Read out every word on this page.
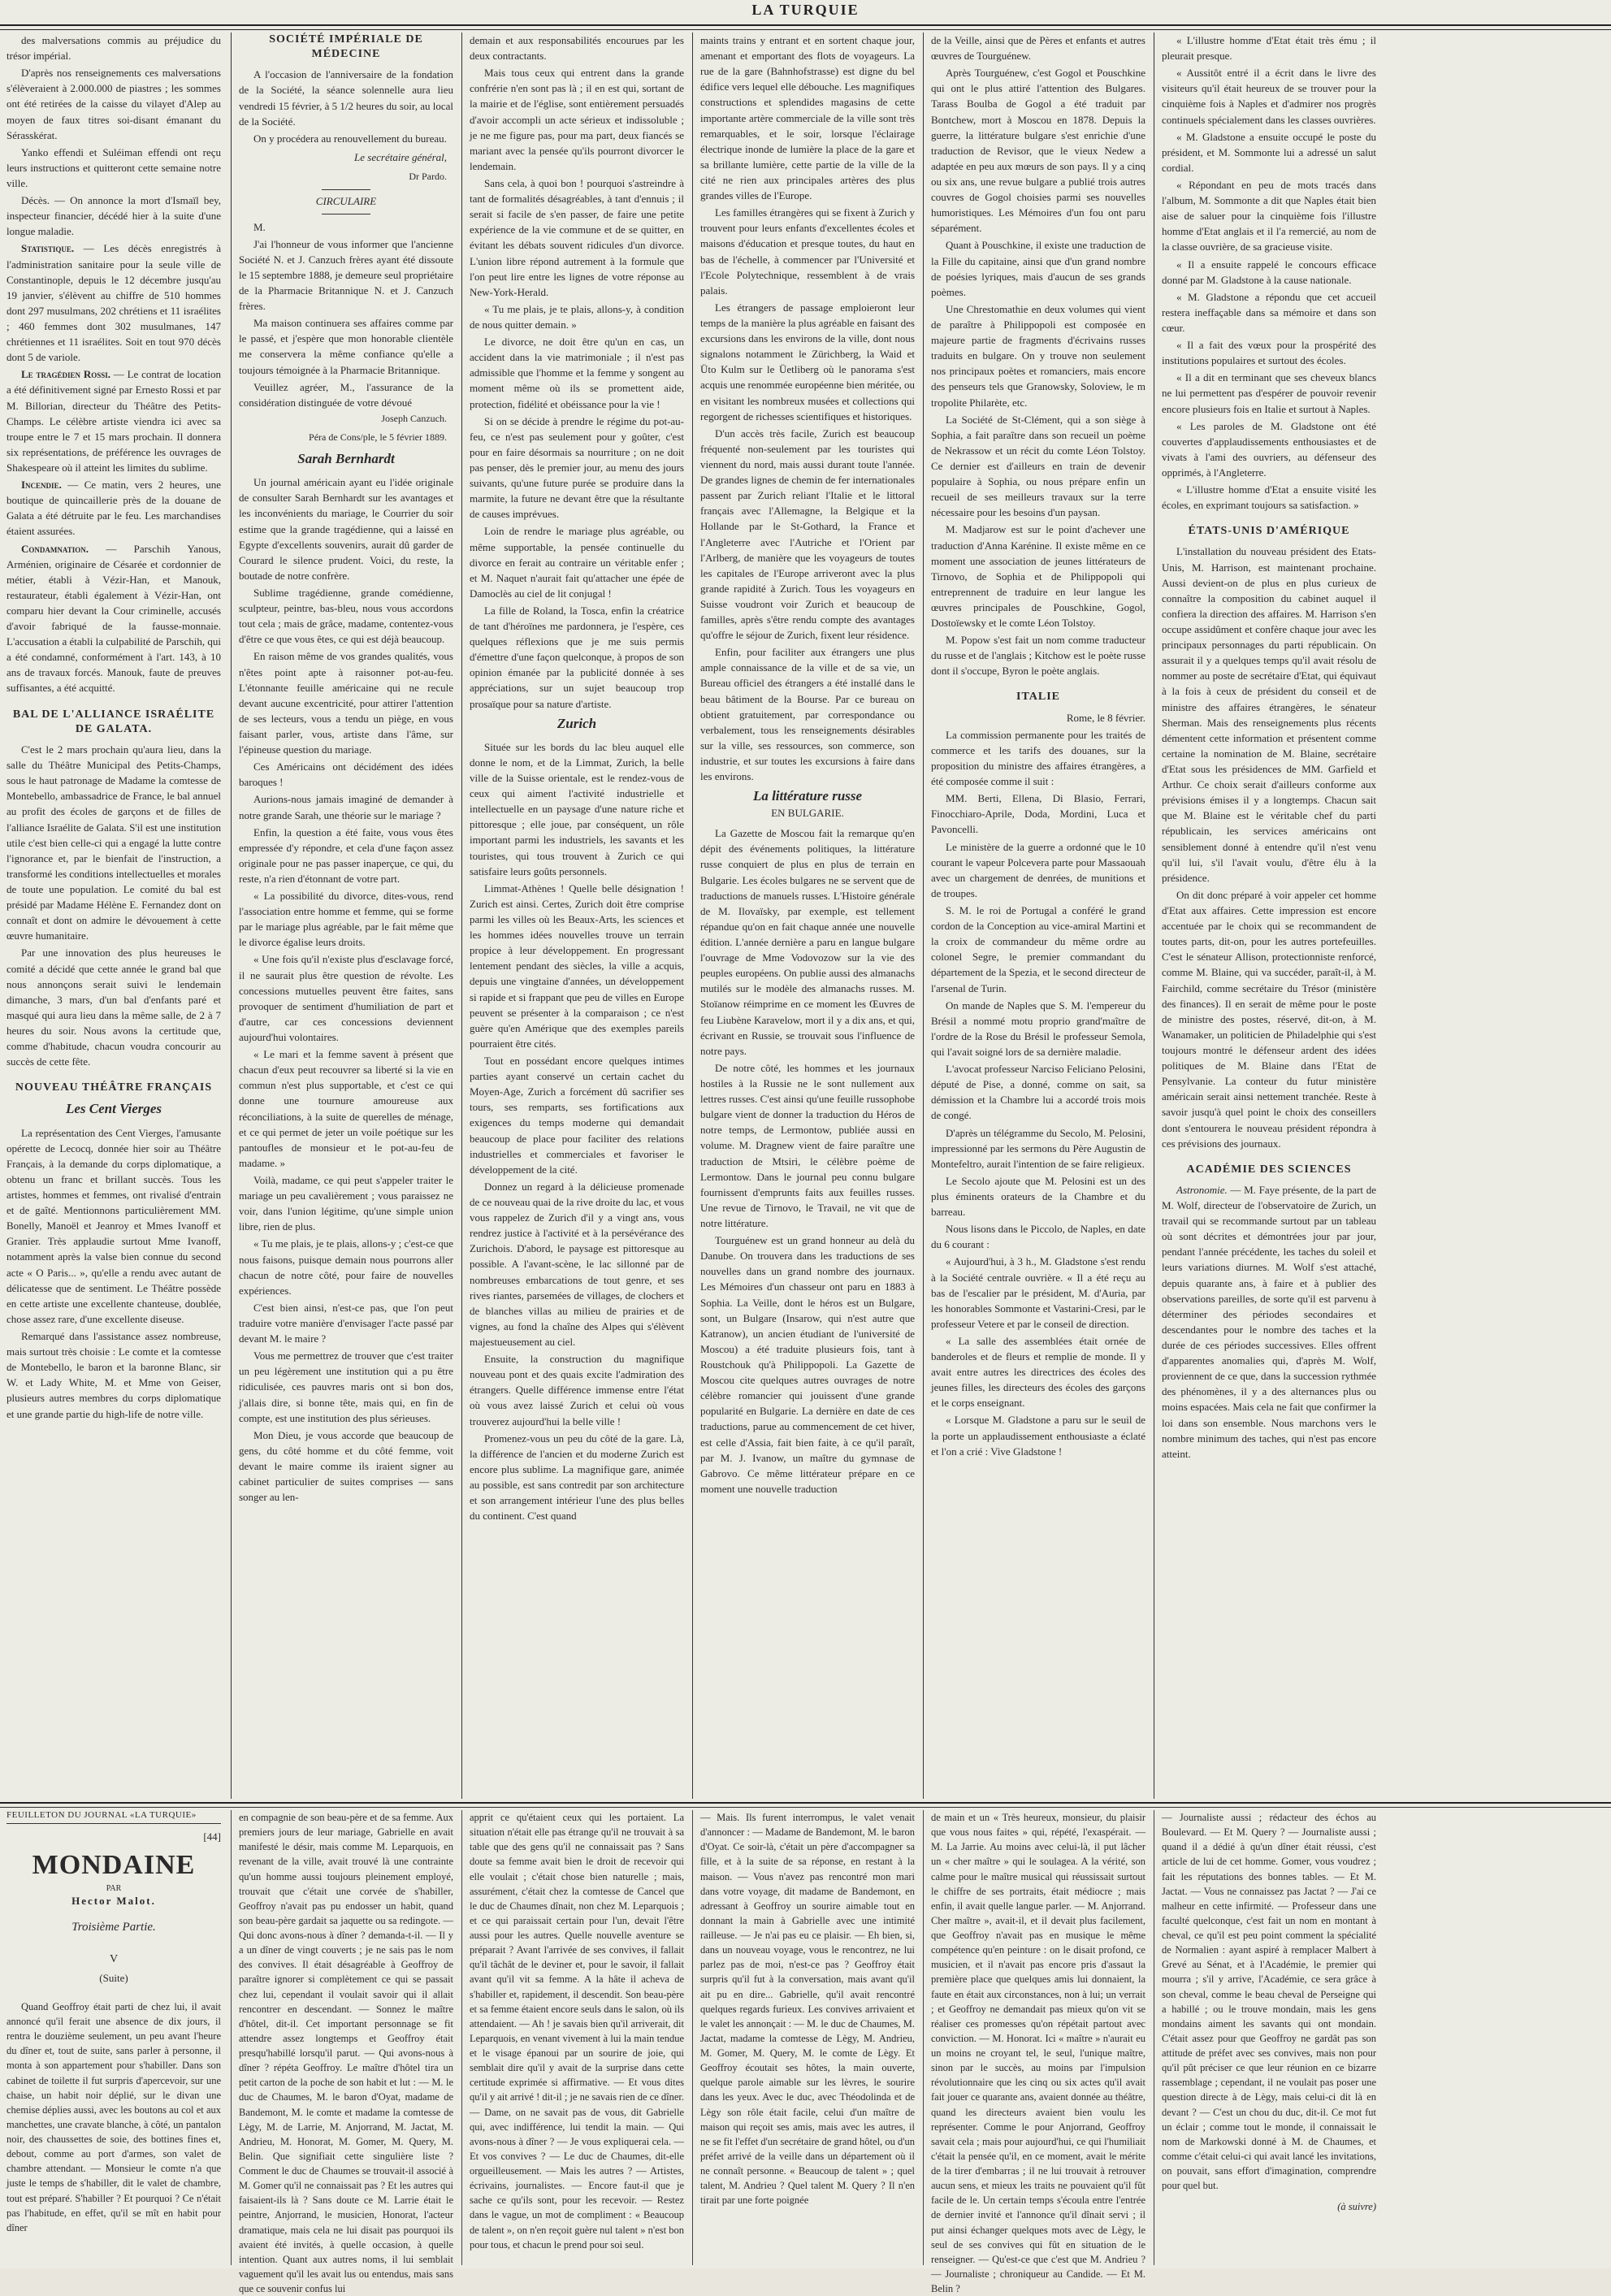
LA TURQUIE

des malversations commis au préjudice du trésor impérial.

D'après nos renseignements ces malversations s'élèveraient à 2.000.000 de piastres ; les sommes ont été retirées de la caisse du vilayet d'Alep au moyen de faux titres soi-disant émanant du Sérasskérat.

Yanko effendi et Suléiman effendi ont reçu leurs instructions et quitteront cette semaine notre ville.

Décès. — On annonce la mort d'Ismaïl bey, inspecteur financier, décédé hier à la suite d'une longue maladie.

Statistique. — Les décès enregistrés à l'administration sanitaire pour la seule ville de Constantinople, depuis le 12 décembre jusqu'au 19 janvier, s'élèvent au chiffre de 510 hommes dont 297 musulmans, 202 chrétiens et 11 israélites ; 460 femmes dont 302 musulmanes, 147 chrétiennes et 11 israélites. Soit en tout 970 décès dont 5 de variole.

Le tragédien Rossi. — Le contrat de location a été définitivement signé par Ernesto Rossi et par M. Billorian, directeur du Théâtre des Petits-Champs. Le célèbre artiste viendra ici avec sa troupe entre le 7 et 15 mars prochain. Il donnera six représentations, de préférence les ouvrages de Shakespeare où il atteint les limites du sublime.

Incendie. — Ce matin, vers 2 heures, une boutique de quincaillerie près de la douane de Galata a été détruite par le feu. Les marchandises étaient assurées.

Condamnation. — Parschih Yanous, Arménien, originaire de Césarée et cordonnier de métier, établi à Vézir-Han, et Manouk, restaurateur, établi également à Vézir-Han, ont comparu hier devant la Cour criminelle, accusés d'avoir fabriqué de la fausse-monnaie. L'accusation a établi la culpabilité de Parschih, qui a été condamné, conformément à l'art. 143, à 10 ans de travaux forcés. Manouk, faute de preuves suffisantes, a été acquitté.

BAL DE L'ALLIANCE ISRAÉLITE DE GALATA.

C'est le 2 mars prochain qu'aura lieu, dans la salle du Théâtre Municipal des Petits-Champs, sous le haut patronage de Madame la comtesse de Montebello, ambassadrice de France, le bal annuel au profit des écoles de garçons et de filles de l'alliance Israélite de Galata. S'il est une institution utile c'est bien celle-ci qui a engagé la lutte contre l'ignorance et, par le bienfait de l'instruction, a transformé les conditions intellectuelles et morales de toute une population. Le comité du bal est présidé par Madame Hélène E. Fernandez dont on connaît et dont on admire le dévouement à cette œuvre humanitaire.

Par une innovation des plus heureuses le comité a décidé que cette année le grand bal que nous annonçons serait suivi le lendemain dimanche, 3 mars, d'un bal d'enfants paré et masqué qui aura lieu dans la même salle, de 2 à 7 heures du soir. Nous avons la certitude que, comme d'habitude, chacun voudra concourir au succès de cette fête.

NOUVEAU THÉÂTRE FRANÇAIS
Les Cent Vierges

La représentation des Cent Vierges, l'amusante opérette de Lecocq, donnée hier soir au Théâtre Français, à la demande du corps diplomatique, a obtenu un franc et brillant succès. Tous les artistes, hommes et femmes, ont rivalisé d'entrain et de gaîté. Mentionnons particulièrement MM. Bonelly, Manoël et Jeanroy et Mmes Ivanoff et Granier. Très applaudie surtout Mme Ivanoff, notamment après la valse bien connue du second acte « O Paris... », qu'elle a rendu avec autant de délicatesse que de sentiment. Le Théâtre possède en cette artiste une excellente chanteuse, doublée, chose assez rare, d'une excellente diseuse.

Remarqué dans l'assistance assez nombreuse, mais surtout très choisie : Le comte et la comtesse de Montebello, le baron et la baronne Blanc, sir W. et Lady White, M. et Mme von Geiser, plusieurs autres membres du corps diplomatique et une grande partie du high-life de notre ville.

SOCIÉTÉ IMPÉRIALE DE MÉDECINE

A l'occasion de l'anniversaire de la fondation de la Société, la séance solennelle aura lieu vendredi 15 février, à 5 1/2 heures du soir, au local de la Société.

On y procédera au renouvellement du bureau.

Le secrétaire général,
Dr Pardo.
CIRCULAIRE

M.

J'ai l'honneur de vous informer que l'ancienne Société N. et J. Canzuch frères ayant été dissoute le 15 septembre 1888, je demeure seul propriétaire de la Pharmacie Britannique N. et J. Canzuch frères.

Ma maison continuera ses affaires comme par le passé, et j'espère que mon honorable clientèle me conservera la même confiance qu'elle a toujours témoignée à la Pharmacie Britannique.

Veuillez agréer, M., l'assurance de la considération distinguée de votre dévoué

Joseph Canzuch.
Péra de Cons/ple, le 5 février 1889.
Sarah Bernhardt

Un journal américain ayant eu l'idée originale de consulter Sarah Bernhardt sur les avantages et les inconvénients du mariage, le Courrier du soir estime que la grande tragédienne, qui a laissé en Egypte d'excellents souvenirs, aurait dû garder de Courard le silence prudent. Voici, du reste, la boutade de notre confrère.

Sublime tragédienne, grande comédienne, sculpteur, peintre, bas-bleu, nous vous accordons tout cela ; mais de grâce, madame, contentez-vous d'être ce que vous êtes, ce qui est déjà beaucoup.

En raison même de vos grandes qualités, vous n'êtes point apte à raisonner pot-au-feu. L'étonnante feuille américaine qui ne recule devant aucune excentricité, pour attirer l'attention de ses lecteurs, vous a tendu un piège, en vous faisant parler, vous, artiste dans l'âme, sur l'épineuse question du mariage.

Ces Américains ont décidément des idées baroques !

Aurions-nous jamais imaginé de demander à notre grande Sarah, une théorie sur le mariage ?

Enfin, la question a été faite, vous vous êtes empressée d'y répondre, et cela d'une façon assez originale pour ne pas passer inaperçue, ce qui, du reste, n'a rien d'étonnant de votre part.

« La possibilité du divorce, dites-vous, rend l'association entre homme et femme, qui se forme par le mariage plus agréable, par le fait même que le divorce égalise leurs droits.

« Une fois qu'il n'existe plus d'esclavage forcé, il ne saurait plus être question de révolte. Les concessions mutuelles peuvent être faites, sans provoquer de sentiment d'humiliation de part et d'autre, car ces concessions deviennent aujourd'hui volontaires.

« Le mari et la femme savent à présent que chacun d'eux peut recouvrer sa liberté si la vie en commun n'est plus supportable, et c'est ce qui donne une tournure amoureuse aux réconciliations, à la suite de querelles de ménage, et ce qui permet de jeter un voile poétique sur les pantoufles de monsieur et le pot-au-feu de madame. »

Voilà, madame, ce qui peut s'appeler traiter le mariage un peu cavalièrement ; vous paraissez ne voir, dans l'union légitime, qu'une simple union libre, rien de plus.

« Tu me plais, je te plais, allons-y ; c'est-ce que nous faisons, puisque demain nous pourrons aller chacun de notre côté, pour faire de nouvelles expériences.

C'est bien ainsi, n'est-ce pas, que l'on peut traduire votre manière d'envisager l'acte passé par devant M. le maire ?

Vous me permettrez de trouver que c'est traiter un peu légèrement une institution qui a pu être ridiculisée, ces pauvres maris ont si bon dos, j'allais dire, si bonne tête, mais qui, en fin de compte, est une institution des plus sérieuses.

Mon Dieu, je vous accorde que beaucoup de gens, du côté homme et du côté femme, voit devant le maire comme ils iraient signer au cabinet particulier de suites comprises — sans songer au len-

demain et aux responsabilités encourues par les deux contractants.

Mais tous ceux qui entrent dans la grande confrérie n'en sont pas là ; il en est qui, sortant de la mairie et de l'église, sont entièrement persuadés d'avoir accompli un acte sérieux et indissoluble ; je ne me figure pas, pour ma part, deux fiancés se mariant avec la pensée qu'ils pourront divorcer le lendemain.

Sans cela, à quoi bon ! pourquoi s'astreindre à tant de formalités désagréables, à tant d'ennuis ; il serait si facile de s'en passer, de faire une petite expérience de la vie commune et de se quitter, en évitant les débats souvent ridicules d'un divorce. L'union libre répond autrement à la formule que l'on peut lire entre les lignes de votre réponse au New-York-Herald.

« Tu me plais, je te plais, allons-y, à condition de nous quitter demain. »

Le divorce, ne doit être qu'un en cas, un accident dans la vie matrimoniale ; il n'est pas admissible que l'homme et la femme y songent au moment même où ils se promettent aide, protection, fidélité et obéissance pour la vie !

Si on se décide à prendre le régime du pot-au-feu, ce n'est pas seulement pour y goûter, c'est pour en faire désormais sa nourriture ; on ne doit pas penser, dès le premier jour, au menu des jours suivants, qu'une future purée se produire dans la marmite, la future ne devant être que la résultante de causes imprévues.

Loin de rendre le mariage plus agréable, ou même supportable, la pensée continuelle du divorce en ferait au contraire un véritable enfer ; et M. Naquet n'aurait fait qu'attacher une épée de Damoclès au ciel de lit conjugal !

La fille de Roland, la Tosca, enfin la créatrice de tant d'héroïnes me pardonnera, je l'espère, ces quelques réflexions que je me suis permis d'émettre d'une façon quelconque, à propos de son opinion émanée par la publicité donnée à ses appréciations, sur un sujet beaucoup trop prosaïque pour sa nature d'artiste.

Zurich

Située sur les bords du lac bleu auquel elle donne le nom, et de la Limmat, Zurich, la belle ville de la Suisse orientale, est le rendez-vous de ceux qui aiment l'activité industrielle et intellectuelle en un paysage d'une nature riche et pittoresque ; elle joue, par conséquent, un rôle important parmi les industriels, les savants et les touristes, qui tous trouvent à Zurich ce qui satisfaire leurs goûts personnels.

Limmat-Athènes ! Quelle belle désignation ! Zurich est ainsi. Certes, Zurich doit être comprise parmi les villes où les Beaux-Arts, les sciences et les hommes idées nouvelles trouve un terrain propice à leur développement. En progressant lentement pendant des siècles, la ville a acquis, depuis une vingtaine d'années, un développement si rapide et si frappant que peu de villes en Europe peuvent se présenter à la comparaison ; ce n'est guère qu'en Amérique que des exemples pareils pourraient être cités.

Tout en possédant encore quelques intimes parties ayant conservé un certain cachet du Moyen-Age, Zurich a forcément dû sacrifier ses tours, ses remparts, ses fortifications aux exigences du temps moderne qui demandait beaucoup de place pour faciliter des relations industrielles et commerciales et favoriser le développement de la cité.

Donnez un regard à la délicieuse promenade de ce nouveau quai de la rive droite du lac, et vous vous rappelez de Zurich d'il y a vingt ans, vous rendrez justice à l'activité et à la persévérance des Zurichois. D'abord, le paysage est pittoresque au possible. A l'avant-scène, le lac sillonné par de nombreuses embarcations de tout genre, et ses rives riantes, parsemées de villages, de clochers et de blanches villas au milieu de prairies et de vignes, au fond la chaîne des Alpes qui s'élèvent majestueusement au ciel.

Ensuite, la construction du magnifique nouveau pont et des quais excite l'admiration des étrangers. Quelle différence immense entre l'état où vous avez laissé Zurich et celui où vous trouverez aujourd'hui la belle ville !

Promenez-vous un peu du côté de la gare. Là, la différence de l'ancien et du moderne Zurich est encore plus sublime. La magnifique gare, animée au possible, est sans contredit par son architecture et son arrangement intérieur l'une des plus belles du continent. C'est quand

maints trains y entrant et en sortent chaque jour, amenant et emportant des flots de voyageurs. La rue de la gare (Bahnhofstrasse) est digne du bel édifice vers lequel elle débouche. Les magnifiques constructions et splendides magasins de cette importante artère commerciale de la ville sont très remarquables, et le soir, lorsque l'éclairage électrique inonde de lumière la place de la gare et sa brillante lumière, cette partie de la ville de la cité ne rien aux principales artères des plus grandes villes de l'Europe.

Les familles étrangères qui se fixent à Zurich y trouvent pour leurs enfants d'excellentes écoles et maisons d'éducation et presque toutes, du haut en bas de l'échelle, à commencer par l'Université et l'Ecole Polytechnique, ressemblent à de vrais palais.

Les étrangers de passage emploieront leur temps de la manière la plus agréable en faisant des excursions dans les environs de la ville, dont nous signalons notamment le Zürichberg, la Waid et Üto Kulm sur le Üetliberg où le panorama s'est acquis une renommée européenne bien méritée, ou en visitant les nombreux musées et collections qui regorgent de richesses scientifiques et historiques.

D'un accès très facile, Zurich est beaucoup fréquenté non-seulement par les touristes qui viennent du nord, mais aussi durant toute l'année. De grandes lignes de chemin de fer internationales passent par Zurich reliant l'Italie et le littoral français avec l'Allemagne, la Belgique et la Hollande par le St-Gothard, la France et l'Angleterre avec l'Autriche et l'Orient par l'Arlberg, de manière que les voyageurs de toutes les capitales de l'Europe arriveront avec la plus grande rapidité à Zurich. Tous les voyageurs en Suisse voudront voir Zurich et beaucoup de familles, après s'être rendu compte des avantages qu'offre le séjour de Zurich, fixent leur résidence.

Enfin, pour faciliter aux étrangers une plus ample connaissance de la ville et de sa vie, un Bureau officiel des étrangers a été installé dans le beau bâtiment de la Bourse. Par ce bureau on obtient gratuitement, par correspondance ou verbalement, tous les renseignements désirables sur la ville, ses ressources, son commerce, son industrie, et sur toutes les excursions à faire dans les environs.

La littérature russe
EN BULGARIE.

La Gazette de Moscou fait la remarque qu'en dépit des événements politiques, la littérature russe conquiert de plus en plus de terrain en Bulgarie. Les écoles bulgares ne se servent que de traductions de manuels russes. L'Histoire générale de M. Ilovaïsky, par exemple, est tellement répandue qu'on en fait chaque année une nouvelle édition. L'année dernière a paru en langue bulgare l'ouvrage de Mme Vodovozow sur la vie des peuples européens. On publie aussi des almanachs mutilés sur le modèle des almanachs russes. M. Stoïanow réimprime en ce moment les Œuvres de feu Liubène Karavelow, mort il y a dix ans, et qui, écrivant en Russie, se trouvait sous l'influence de notre pays.

De notre côté, les hommes et les journaux hostiles à la Russie ne le sont nullement aux lettres russes. C'est ainsi qu'une feuille russophobe bulgare vient de donner la traduction du Héros de notre temps, de Lermontow, publiée aussi en volume. M. Dragnew vient de faire paraître une traduction de Mtsiri, le célèbre poème de Lermontow. Dans le journal peu connu bulgare fournissent d'emprunts faits aux feuilles russes. Une revue de Tirnovo, le Travail, ne vit que de notre littérature.

Tourguénew est un grand honneur au delà du Danube. On trouvera dans les traductions de ses nouvelles dans un grand nombre des journaux. Les Mémoires d'un chasseur ont paru en 1883 à Sophia. La Veille, dont le héros est un Bulgare, sont, un Bulgare (Insarow, qui n'est autre que Katranow), un ancien étudiant de l'université de Moscou) a été traduite plusieurs fois, tant à Roustchouk qu'à Philippopoli. La Gazette de Moscou cite quelques autres ouvrages de notre célèbre romancier qui jouissent d'une grande popularité en Bulgarie. La dernière en date de ces traductions, parue au commencement de cet hiver, est celle d'Assia, fait bien faite, à ce qu'il paraît, par M. J. Ivanow, un maître du gymnase de Gabrovo. Ce même littérateur prépare en ce moment une nouvelle traduction

de la Veille, ainsi que de Pères et enfants et autres œuvres de Tourguénew.

Après Tourguénew, c'est Gogol et Pouschkine qui ont le plus attiré l'attention des Bulgares. Tarass Boulba de Gogol a été traduit par Bontchew, mort à Moscou en 1878. Depuis la guerre, la littérature bulgare s'est enrichie d'une traduction de Revisor, que le vieux Nedew a adaptée en peu aux mœurs de son pays. Il y a cinq ou six ans, une revue bulgare a publié trois autres couvres de Gogol choisies parmi ses nouvelles humoristiques. Les Mémoires d'un fou ont paru séparément.

Quant à Pouschkine, il existe une traduction de la Fille du capitaine, ainsi que d'un grand nombre de poésies lyriques, mais d'aucun de ses grands poèmes.

Une Chrestomathie en deux volumes qui vient de paraître à Philippopoli est composée en majeure partie de fragments d'écrivains russes traduits en bulgare. On y trouve non seulement nos principaux poètes et romanciers, mais encore des penseurs tels que Granowsky, Soloview, le m tropolite Philarète, etc.

La Société de St-Clément, qui a son siège à Sophia, a fait paraître dans son recueil un poème de Nekrassow et un récit du comte Léon Tolstoy. Ce dernier est d'ailleurs en train de devenir populaire à Sophia, ou nous prépare enfin un recueil de ses meilleurs travaux sur la terre nécessaire pour les besoins d'un paysan.

M. Madjarow est sur le point d'achever une traduction d'Anna Karénine. Il existe même en ce moment une association de jeunes littérateurs de Tirnovo, de Sophia et de Philippopoli qui entreprennent de traduire en leur langue les œuvres principales de Pouschkine, Gogol, Dostoïewsky et le comte Léon Tolstoy.

M. Popow s'est fait un nom comme traducteur du russe et de l'anglais ; Kitchow est le poète russe dont il s'occupe, Byron le poète anglais.

ITALIE

Rome, le 8 février.

La commission permanente pour les traités de commerce et les tarifs des douanes, sur la proposition du ministre des affaires étrangères, a été composée comme il suit :

MM. Berti, Ellena, Di Blasio, Ferrari, Finocchiaro-Aprile, Doda, Mordini, Luca et Pavoncelli.

Le ministère de la guerre a ordonné que le 10 courant le vapeur Polcevera parte pour Massaouah avec un chargement de denrées, de munitions et de troupes.

S. M. le roi de Portugal a conféré le grand cordon de la Conception au vice-amiral Martini et la croix de commandeur du même ordre au colonel Segre, le premier commandant du département de la Spezia, et le second directeur de l'arsenal de Turin.

On mande de Naples que S. M. l'empereur du Brésil a nommé motu proprio grand'maître de l'ordre de la Rose du Brésil le professeur Semola, qui l'avait soigné lors de sa dernière maladie.

L'avocat professeur Narciso Feliciano Pelosini, député de Pise, a donné, comme on sait, sa démission et la Chambre lui a accordé trois mois de congé.

D'après un télégramme du Secolo, M. Pelosini, impressionné par les sermons du Père Augustin de Montefeltro, aurait l'intention de se faire religieux.

Le Secolo ajoute que M. Pelosini est un des plus éminents orateurs de la Chambre et du barreau.

Nous lisons dans le Piccolo, de Naples, en date du 6 courant :

« Aujourd'hui, à 3 h., M. Gladstone s'est rendu à la Société centrale ouvrière. « Il a été reçu au bas de l'escalier par le président, M. d'Auria, par les honorables Sommonte et Vastarini-Cresi, par le professeur Vetere et par le conseil de direction.

« La salle des assemblées était ornée de banderoles et de fleurs et remplie de monde. Il y avait entre autres les directrices des écoles des jeunes filles, les directeurs des écoles des garçons et le corps enseignant.

« Lorsque M. Gladstone a paru sur le seuil de la porte un applaudissement enthousiaste a éclaté et l'on a crié : Vive Gladstone !

« L'illustre homme d'Etat était très ému ; il pleurait presque.

« Aussitôt entré il a écrit dans le livre des visiteurs qu'il était heureux de se trouver pour la cinquième fois à Naples et d'admirer nos progrès continuels spécialement dans les classes ouvrières.

« M. Gladstone a ensuite occupé le poste du président, et M. Sommonte lui a adressé un salut cordial.

« Répondant en peu de mots tracés dans l'album, M. Sommonte a dit que Naples était bien aise de saluer pour la cinquième fois l'illustre homme d'Etat anglais et il l'a remercié, au nom de la classe ouvrière, de sa gracieuse visite.

« Il a ensuite rappelé le concours efficace donné par M. Gladstone à la cause nationale.

« M. Gladstone a répondu que cet accueil restera ineffaçable dans sa mémoire et dans son cœur.

« Il a fait des vœux pour la prospérité des institutions populaires et surtout des écoles.

« Il a dit en terminant que ses cheveux blancs ne lui permettent pas d'espérer de pouvoir revenir encore plusieurs fois en Italie et surtout à Naples.

« Les paroles de M. Gladstone ont été couvertes d'applaudissements enthousiastes et de vivats à l'ami des ouvriers, au défenseur des opprimés, à l'Angleterre.

« L'illustre homme d'Etat a ensuite visité les écoles, en exprimant toujours sa satisfaction. »

ÉTATS-UNIS D'AMÉRIQUE

L'installation du nouveau président des Etats-Unis, M. Harrison, est maintenant prochaine. Aussi devient-on de plus en plus curieux de connaître la composition du cabinet auquel il confiera la direction des affaires. M. Harrison s'en occupe assidûment et confère chaque jour avec les principaux personnages du parti républicain. On assurait il y a quelques temps qu'il avait résolu de nommer au poste de secrétaire d'Etat, qui équivaut à la fois à ceux de président du conseil et de ministre des affaires étrangères, le sénateur Sherman. Mais des renseignements plus récents démentent cette information et présentent comme certaine la nomination de M. Blaine, secrétaire d'Etat sous les présidences de MM. Garfield et Arthur. Ce choix serait d'ailleurs conforme aux prévisions émises il y a longtemps. Chacun sait que M. Blaine est le véritable chef du parti républicain, les services américains ont sensiblement donné à entendre qu'il n'est venu qu'il lui, s'il l'avait voulu, d'être élu à la présidence.

On dit donc préparé à voir appeler cet homme d'Etat aux affaires. Cette impression est encore accentuée par le choix qui se recommandent de toutes parts, dit-on, pour les autres portefeuilles. C'est le sénateur Allison, protectionniste renforcé, comme M. Blaine, qui va succéder, paraît-il, à M. Fairchild, comme secrétaire du Trésor (ministère des finances). Il en serait de même pour le poste de ministre des postes, réservé, dit-on, à M. Wanamaker, un politicien de Philadelphie qui s'est toujours montré le défenseur ardent des idées politiques de M. Blaine dans l'Etat de Pensylvanie. La conteur du futur ministère américain serait ainsi nettement tranchée. Reste à savoir jusqu'à quel point le choix des conseillers dont s'entourera le nouveau président répondra à ces prévisions des journaux.

ACADÉMIE DES SCIENCES

Astronomie. — M. Faye présente, de la part de M. Wolf, directeur de l'observatoire de Zurich, un travail qui se recommande surtout par un tableau où sont décrites et démontrées jour par jour, pendant l'année précédente, les taches du soleil et leurs variations diurnes. M. Wolf s'est attaché, depuis quarante ans, à faire et à publier des observations pareilles, de sorte qu'il est parvenu à déterminer des périodes secondaires et descendantes pour le nombre des taches et la durée de ces périodes successives. Elles offrent d'apparentes anomalies qui, d'après M. Wolf, proviennent de ce que, dans la succession rythmée des phénomènes, il y a des alternances plus ou moins espacées. Mais cela ne fait que confirmer la loi dans son ensemble. Nous marchons vers le nombre minimum des taches, qui n'est pas encore atteint.

FEUILLETON DU JOURNAL «LA TURQUIE»
[44]
MONDAINE
PAR
Hector Malot.
Troisième Partie.
V
(Suite)

Quand Geoffroy était parti de chez lui, il avait annoncé qu'il ferait une absence de dix jours, il rentra le douzième seulement, un peu avant l'heure du dîner et, tout de suite, sans parler à personne, il monta à son appartement pour s'habiller. Dans son cabinet de toilette il fut surpris d'apercevoir, sur une chaise, un habit noir déplié, sur le divan une chemise déplies aussi, avec les boutons au col et aux manchettes, une cravate blanche, à côté, un pantalon noir, des chaussettes de soie, des bottines fines et, debout, comme au port d'armes, son valet de chambre attendant. — Monsieur le comte n'a que juste le temps de s'habiller, dit le valet de chambre, tout est préparé. S'habiller ? Et pourquoi ? Ce n'était pas l'habitude, en effet, qu'il se mît en habit pour dîner

en compagnie de son beau-père et de sa femme. Aux premiers jours de leur mariage, Gabrielle en avait manifesté le désir, mais comme M. Leparquois, en revenant de la ville, avait trouvé là une contrainte qu'un homme aussi toujours pleinement employé, trouvait que c'était une corvée de s'habiller, Geoffroy n'avait pas pu endosser un habit, quand son beau-père gardait sa jaquette ou sa redingote. — Qui donc avons-nous à dîner ? demanda-t-il. — Il y a un dîner de vingt couverts ; je ne sais pas le nom des convives. Il était désagréable à Geoffroy de paraître ignorer si complètement ce qui se passait chez lui, cependant il voulait savoir qui il allait rencontrer en descendant. — Sonnez le maître d'hôtel, dit-il. Cet important personnage se fit attendre assez longtemps et Geoffroy était presqu'habillé lorsqu'il parut. — Qui avons-nous à dîner ? répéta Geoffroy. Le maître d'hôtel tira un petit carton de la poche de son habit et lut : — M. le duc de Chaumes, M. le baron d'Oyat, madame de Bandemont, M. le comte et madame la comtesse de Lègy, M. de Larrie, M. Anjorrand, M. Jactat, M. Andrieu, M. Honorat, M. Gomer, M. Query, M. Belin. Que signifiait cette singulière liste ? Comment le duc de Chaumes se trouvait-il associé à M. Gomer qu'il ne connaissait pas ? Et les autres qui faisaient-ils là ? Sans doute ce M. Larrie était le peintre, Anjorrand, le musicien, Honorat, l'acteur dramatique, mais cela ne lui disait pas pourquoi ils avaient été invités, à quelle occasion, à quelle intention. Quant aux autres noms, il lui semblait vaguement qu'il les avait lus ou entendus, mais sans que ce souvenir confus lui

apprit ce qu'étaient ceux qui les portaient. La situation n'était elle pas étrange qu'il ne trouvait à sa table que des gens qu'il ne connaissait pas ? Sans doute sa femme avait bien le droit de recevoir qui elle voulait ; c'était chose bien naturelle ; mais, assurément, c'était chez la comtesse de Cancel que le duc de Chaumes dînait, non chez M. Leparquois ; et ce qui paraissait certain pour l'un, devait l'être aussi pour les autres. Quelle nouvelle aventure se préparait ? Avant l'arrivée de ses convives, il fallait qu'il tâchât de le deviner et, pour le savoir, il fallait avant qu'il vit sa femme. A la hâte il acheva de s'habiller et, rapidement, il descendit. Son beau-père et sa femme étaient encore seuls dans le salon, où ils attendaient. — Ah ! je savais bien qu'il arriverait, dit Leparquois, en venant vivement à lui la main tendue et le visage épanoui par un sourire de joie, qui semblait dire qu'il y avait de la surprise dans cette certitude exprimée si affirmative. — Et vous dites qu'il y ait arrivé ! dit-il ; je ne savais rien de ce dîner. — Dame, on ne savait pas de vous, dit Gabrielle qui, avec indifférence, lui tendit la main. — Qui avons-nous à dîner ? — Je vous expliquerai cela. — Et vos convives ? — Le duc de Chaumes, dit-elle orgueilleusement. — Mais les autres ? — Artistes, écrivains, journalistes. — Encore faut-il que je sache ce qu'ils sont, pour les recevoir. — Restez dans le vague, un mot de compliment : « Beaucoup de talent », on n'en reçoit guère nul talent » n'est bon pour tous, et chacun le prend pour soi seul.

— Mais. Ils furent interrompus, le valet venait d'annoncer : — Madame de Bandemont, M. le baron d'Oyat. Ce soir-là, c'était un père d'accompagner sa fille, et à la suite de sa réponse, en restant à la maison. — Vous n'avez pas rencontré mon mari dans votre voyage, dit madame de Bandemont, en adressant à Geoffroy un sourire aimable tout en donnant la main à Gabrielle avec une intimité railleuse. — Je n'ai pas eu ce plaisir. — Eh bien, si, dans un nouveau voyage, vous le rencontrez, ne lui parlez pas de moi, n'est-ce pas ? Geoffroy était surpris qu'il fut à la conversation, mais avant qu'il ait pu en dire... Gabrielle, qu'il avait rencontré quelques regards furieux. Les convives arrivaient et le valet les annonçait : — M. le duc de Chaumes, M. Jactat, madame la comtesse de Lègy, M. Andrieu, M. Gomer, M. Query, M. le comte de Lègy. Et Geoffroy écoutait ses hôtes, la main ouverte, quelque parole aimable sur les lèvres, le sourire dans les yeux. Avec le duc, avec Théodolinda et de Lègy son rôle était facile, celui d'un maître de maison qui reçoit ses amis, mais avec les autres, il ne se fit l'effet d'un secrétaire de grand hôtel, ou d'un préfet arrivé de la veille dans un département où il ne connaît personne. « Beaucoup de talent » ; quel talent, M. Andrieu ? Quel talent M. Query ? Il n'en tirait par une forte poignée

de main et un « Très heureux, monsieur, du plaisir que vous nous faites » qui, répété, l'exaspérait. — M. La Jarrie. Au moins avec celui-là, il put lâcher un « cher maître » qui le soulagea. A la vérité, son calme pour le maître musical qui réussissait surtout le chiffre de ses portraits, était médiocre ; mais enfin, il avait quelle langue parler. — M. Anjorrand. Cher maître », avait-il, et il devait plus facilement, que Geoffroy n'avait pas en musique le même compétence qu'en peinture : on le disait profond, ce musicien, et il n'avait pas encore pris d'assaut la première place que quelques amis lui donnaient, la faute en était aux circonstances, non à lui; un verrait ; et Geoffroy ne demandait pas mieux qu'on vit se réaliser ces promesses qu'on répétait partout avec conviction. — M. Honorat. Ici « maître » n'aurait eu un moins ne croyant tel, le seul, l'unique maître, sinon par le succès, au moins par l'impulsion révolutionnaire que les cinq ou six actes qu'il avait fait jouer ce quarante ans, avaient donnée au théâtre, quand les directeurs avaient bien voulu les représenter. Comme le pour Anjorrand, Geoffroy savait cela ; mais pour aujourd'hui, ce qui l'humiliait c'était la pensée qu'il, en ce moment, avait le mérite de la tirer d'embarras ; il ne lui trouvait à retrouver aucun sens, et mieux les traits ne pouvaient qu'il fût facile de le. Un certain temps s'écoula entre l'entrée de dernier invité et l'annonce qu'il dînait servi ; il put ainsi échanger quelques mots avec de Lègy, le seul de ses convives qui fût en situation de le renseigner. — Qu'est-ce que c'est que M. Andrieu ? — Journaliste ; chroniqueur au Candide. — Et M. Belin ?

— Journaliste aussi ; rédacteur des échos au Boulevard. — Et M. Query ? — Journaliste aussi ; quand il a dédié à qu'un dîner était réussi, c'est article de lui de cet homme. Gomer, vous voudrez ; fait les réputations des bonnes tables. — Et M. Jactat. — Vous ne connaissez pas Jactat ? — J'ai ce malheur en cette infirmité. — Professeur dans une faculté quelconque, c'est fait un nom en montant à cheval, ce qu'il est peu point comment la spécialité de Normalien : ayant aspiré à remplacer Malbert à Grevé au Sénat, et à l'Académie, le premier qui mourra ; s'il y arrive, l'Académie, ce sera grâce à son cheval, comme le beau cheval de Perseigne qui a habillé ; ou le trouve mondain, mais les gens mondains aiment les savants qui ont mondain. C'était assez pour que Geoffroy ne gardât pas son attitude de préfet avec ses convives, mais non pour qu'il pût préciser ce que leur réunion en ce bizarre rassemblage ; cependant, il ne voulait pas poser une question directe à de Lègy, mais celui-ci dit là en devant ? — C'est un chou du duc, dit-il. Ce mot fut un éclair ; comme tout le monde, il connaissait le nom de Markowski donné à M. de Chaumes, et comme c'était celui-ci qui avait lancé les invitations, on pouvait, sans effort d'imagination, comprendre pour quel but.

(à suivre)
